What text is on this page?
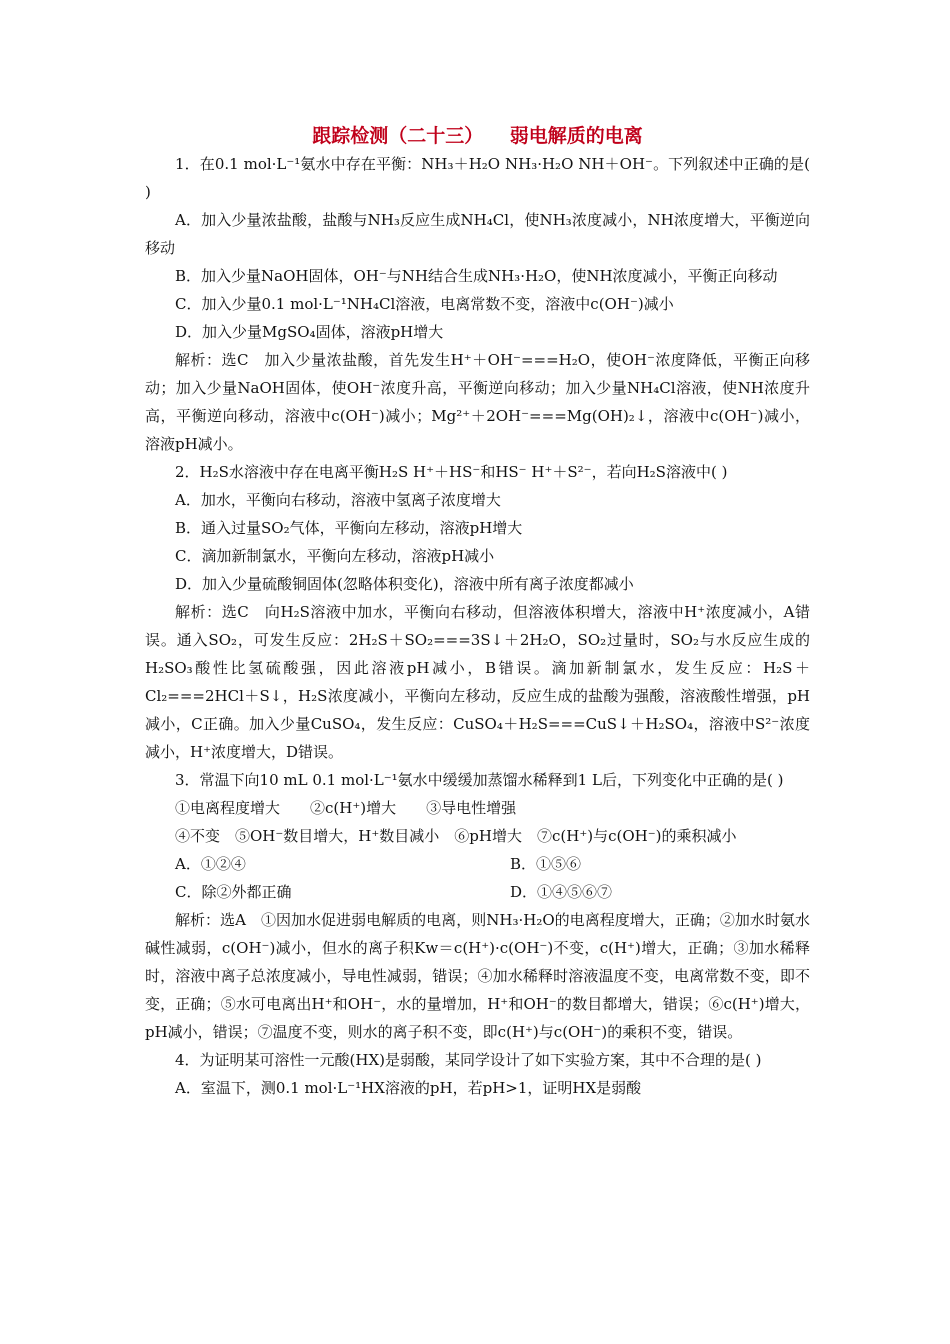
跟踪检测（二十三）    弱电解质的电离

1．在0.1 mol·L⁻¹氨水中存在平衡：NH₃＋H₂O NH₃·H₂O NH＋OH⁻。下列叙述中正确的是( )

A．加入少量浓盐酸，盐酸与NH₃反应生成NH₄Cl，使NH₃浓度减小，NH浓度增大，平衡逆向移动

B．加入少量NaOH固体，OH⁻与NH结合生成NH₃·H₂O，使NH浓度减小，平衡正向移动

C．加入少量0.1 mol·L⁻¹NH₄Cl溶液，电离常数不变，溶液中c(OH⁻)减小

D．加入少量MgSO₄固体，溶液pH增大

解析：选C　加入少量浓盐酸，首先发生H⁺＋OH⁻===H₂O，使OH⁻浓度降低，平衡正向移动；加入少量NaOH固体，使OH⁻浓度升高，平衡逆向移动；加入少量NH₄Cl溶液，使NH浓度升高，平衡逆向移动，溶液中c(OH⁻)减小；Mg²⁺＋2OH⁻===Mg(OH)₂↓，溶液中c(OH⁻)减小，溶液pH减小。

2．H₂S水溶液中存在电离平衡H₂S H⁺＋HS⁻和HS⁻ H⁺＋S²⁻，若向H₂S溶液中( )

A．加水，平衡向右移动，溶液中氢离子浓度增大

B．通入过量SO₂气体，平衡向左移动，溶液pH增大

C．滴加新制氯水，平衡向左移动，溶液pH减小

D．加入少量硫酸铜固体(忽略体积变化)，溶液中所有离子浓度都减小

解析：选C　向H₂S溶液中加水，平衡向右移动，但溶液体积增大，溶液中H⁺浓度减小，A错误。通入SO₂，可发生反应：2H₂S＋SO₂===3S↓＋2H₂O，SO₂过量时，SO₂与水反应生成的H₂SO₃酸性比氢硫酸强，因此溶液pH减小，B错误。滴加新制氯水，发生反应：H₂S＋Cl₂===2HCl＋S↓，H₂S浓度减小，平衡向左移动，反应生成的盐酸为强酸，溶液酸性增强，pH减小，C正确。加入少量CuSO₄，发生反应：CuSO₄＋H₂S===CuS↓＋H₂SO₄，溶液中S²⁻浓度减小，H⁺浓度增大，D错误。

3．常温下向10 mL 0.1 mol·L⁻¹氨水中缓缓加蒸馏水稀释到1 L后，下列变化中正确的是( )

①电离程度增大　　②c(H⁺)增大　　③导电性增强

④不变　⑤OH⁻数目增大，H⁺数目减小　⑥pH增大　⑦c(H⁺)与c(OH⁻)的乘积减小

A．①②④	B．①⑤⑥
C．除②外都正确	D．①④⑤⑥⑦

解析：选A　①因加水促进弱电解质的电离，则NH₃·H₂O的电离程度增大，正确；②加水时氨水碱性减弱，c(OH⁻)减小，但水的离子积Kw＝c(H⁺)·c(OH⁻)不变，c(H⁺)增大，正确；③加水稀释时，溶液中离子总浓度减小，导电性减弱，错误；④加水稀释时溶液温度不变，电离常数不变，即不变，正确；⑤水可电离出H⁺和OH⁻，水的量增加，H⁺和OH⁻的数目都增大，错误；⑥c(H⁺)增大，pH减小，错误；⑦温度不变，则水的离子积不变，即c(H⁺)与c(OH⁻)的乘积不变，错误。

4．为证明某可溶性一元酸(HX)是弱酸，某同学设计了如下实验方案，其中不合理的是( )

A．室温下，测0.1 mol·L⁻¹HX溶液的pH，若pH>1，证明HX是弱酸
